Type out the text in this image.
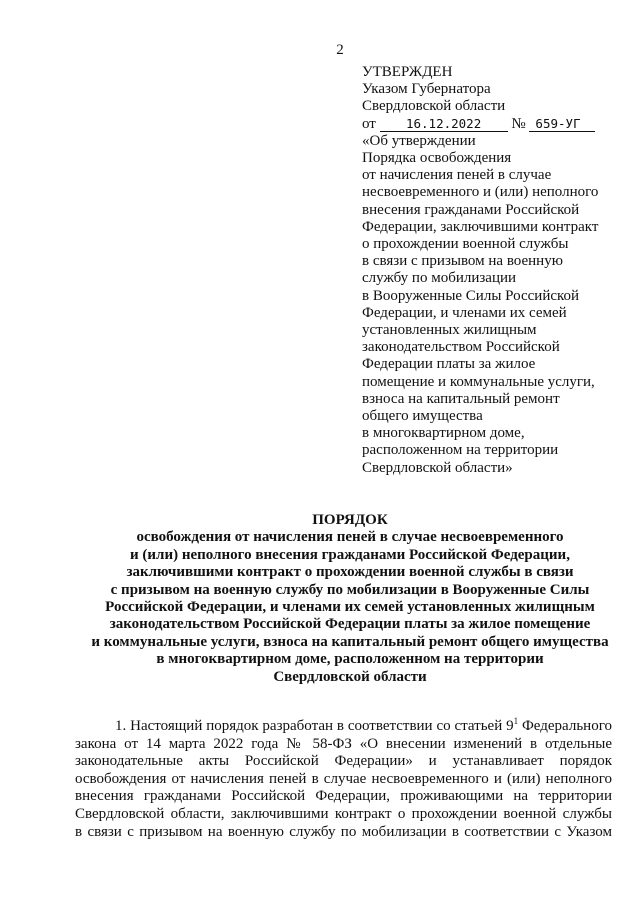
2
УТВЕРЖДЕН
Указом Губернатора
Свердловской области
от 16.12.2022 № 659-УГ
«Об утверждении
Порядка освобождения
от начисления пеней в случае
несвоевременного и (или) неполного
внесения гражданами Российской
Федерации, заключившими контракт
о прохождении военной службы
в связи с призывом на военную
службу по мобилизации
в Вооруженные Силы Российской
Федерации, и членами их семей
установленных жилищным
законодательством Российской
Федерации платы за жилое
помещение и коммунальные услуги,
взноса на капитальный ремонт
общего имущества
в многоквартирном доме,
расположенном на территории
Свердловской области»
ПОРЯДОК
освобождения от начисления пеней в случае несвоевременного
и (или) неполного внесения гражданами Российской Федерации,
заключившими контракт о прохождении военной службы в связи
с призывом на военную службу по мобилизации в Вооруженные Силы
Российской Федерации, и членами их семей установленных жилищным
законодательством Российской Федерации платы за жилое помещение
и коммунальные услуги, взноса на капитальный ремонт общего имущества
в многоквартирном доме, расположенном на территории
Свердловской области
1. Настоящий порядок разработан в соответствии со статьей $9^1$ Федерального
закона от 14 марта 2022 года № 58-ФЗ «О внесении изменений в отдельные
законодательные акты Российской Федерации» и устанавливает порядок
освобождения от начисления пеней в случае несвоевременного и (или) неполного
внесения гражданами Российской Федерации, проживающими на территории
Свердловской области, заключившими контракт о прохождении военной службы
в связи с призывом на военную службу по мобилизации в соответствии с Указом
